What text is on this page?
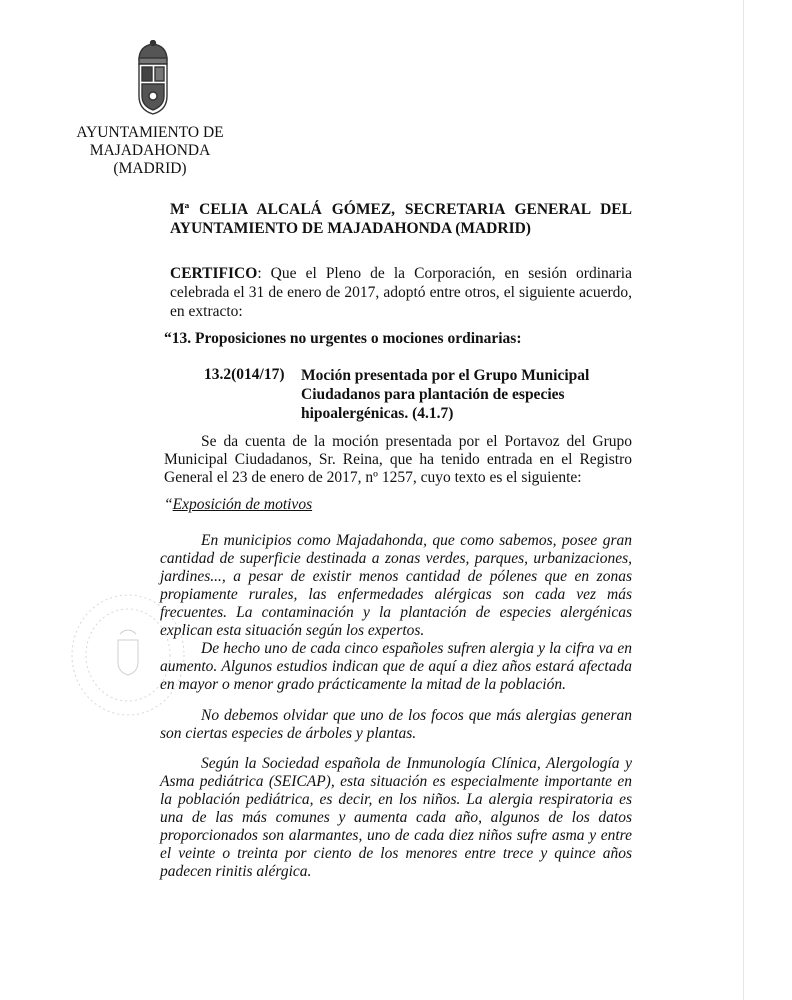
AYUNTAMIENTO DE
MAJADAHONDA
(MADRID)
Mª CELIA ALCALÁ GÓMEZ, SECRETARIA GENERAL DEL AYUNTAMIENTO DE MAJADAHONDA (MADRID)
CERTIFICO: Que el Pleno de la Corporación, en sesión ordinaria celebrada el 31 de enero de 2017, adoptó entre otros, el siguiente acuerdo, en extracto:
“13. Proposiciones no urgentes o mociones ordinarias:
13.2(014/17) Moción presentada por el Grupo Municipal Ciudadanos para plantación de especies hipoalergénicas. (4.1.7)
Se da cuenta de la moción presentada por el Portavoz del Grupo Municipal Ciudadanos, Sr. Reina, que ha tenido entrada en el Registro General el 23 de enero de 2017, nº 1257, cuyo texto es el siguiente:
“Exposición de motivos
En municipios como Majadahonda, que como sabemos, posee gran cantidad de superficie destinada a zonas verdes, parques, urbanizaciones, jardines..., a pesar de existir menos cantidad de pólenes que en zonas propiamente rurales, las enfermedades alérgicas son cada vez más frecuentes. La contaminación y la plantación de especies alergénicas explican esta situación según los expertos.
De hecho uno de cada cinco españoles sufren alergia y la cifra va en aumento. Algunos estudios indican que de aquí a diez años estará afectada en mayor o menor grado prácticamente la mitad de la población.
No debemos olvidar que uno de los focos que más alergias generan son ciertas especies de árboles y plantas.
Según la Sociedad española de Inmunología Clínica, Alergología y Asma pediátrica (SEICAP), esta situación es especialmente importante en la población pediátrica, es decir, en los niños. La alergia respiratoria es una de las más comunes y aumenta cada año, algunos de los datos proporcionados son alarmantes, uno de cada diez niños sufre asma y entre el veinte o treinta por ciento de los menores entre trece y quince años padecen rinitis alérgica.
